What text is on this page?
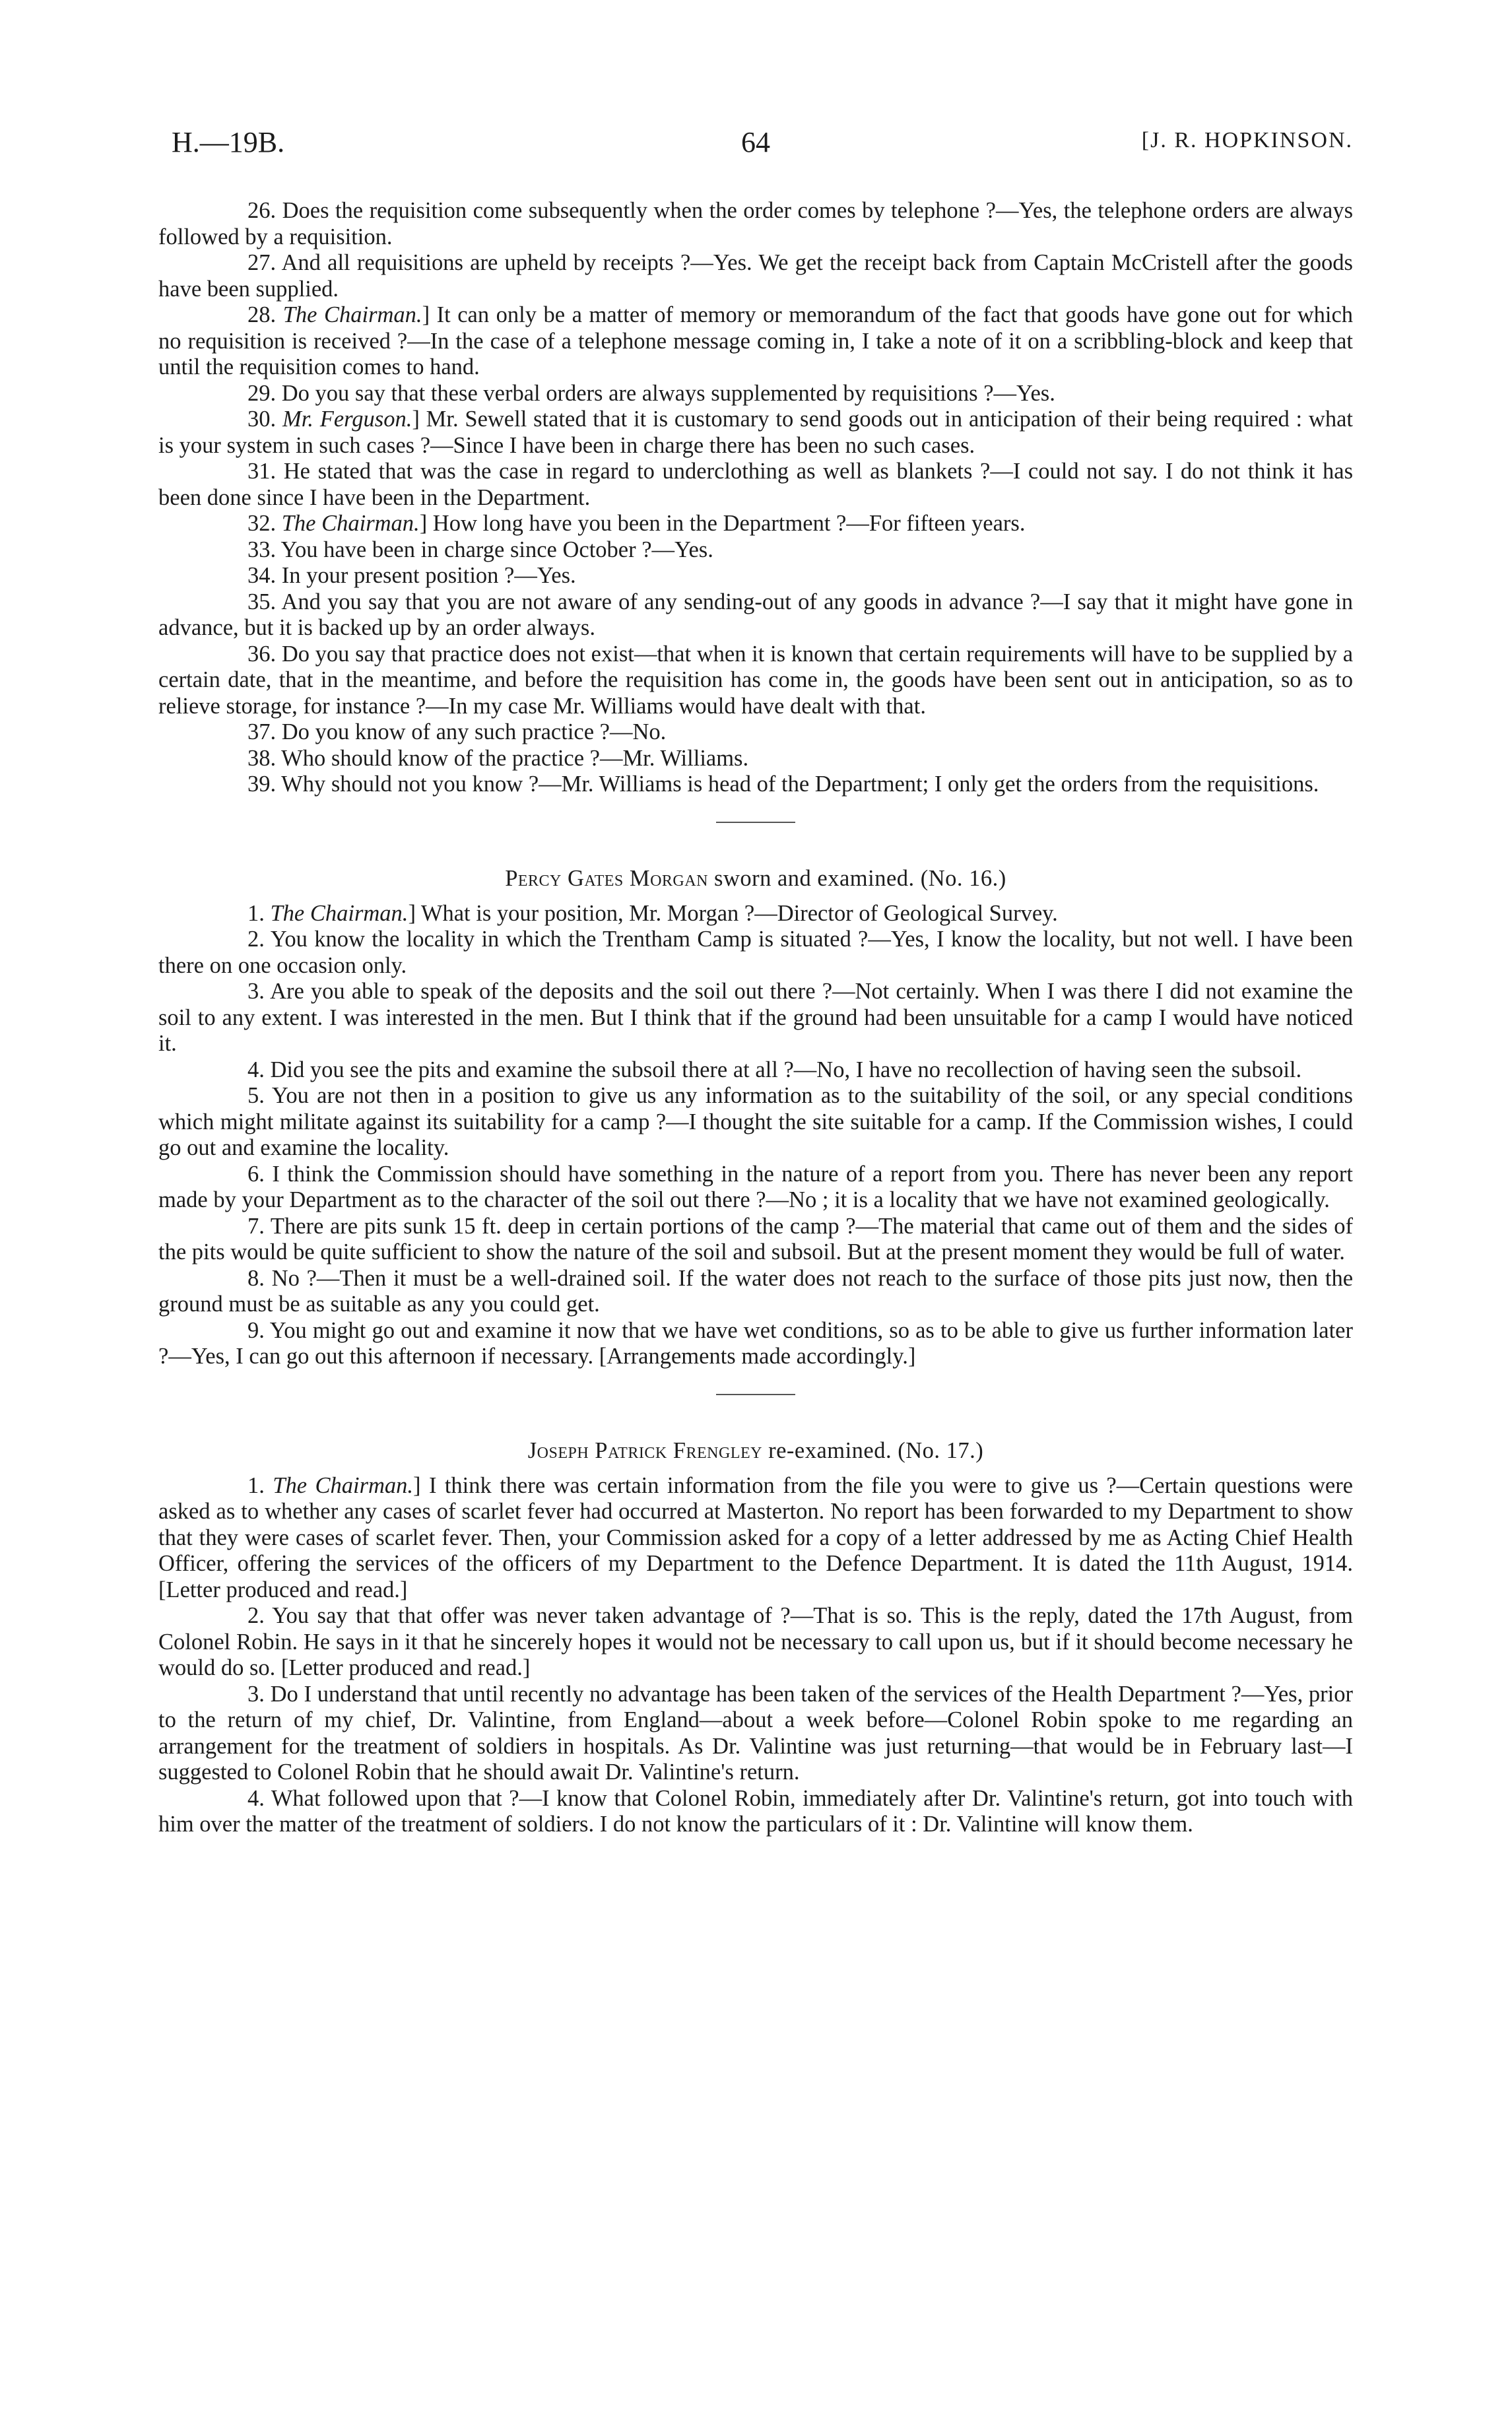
H.—19B.	64	[J. R. HOPKINSON.

26. Does the requisition come subsequently when the order comes by telephone ?—Yes, the telephone orders are always followed by a requisition.

27. And all requisitions are upheld by receipts ?—Yes. We get the receipt back from Captain McCristell after the goods have been supplied.

28. The Chairman.] It can only be a matter of memory or memorandum of the fact that goods have gone out for which no requisition is received ?—In the case of a telephone message coming in, I take a note of it on a scribbling-block and keep that until the requisition comes to hand.

29. Do you say that these verbal orders are always supplemented by requisitions ?—Yes.

30. Mr. Ferguson.] Mr. Sewell stated that it is customary to send goods out in anticipation of their being required : what is your system in such cases ?—Since I have been in charge there has been no such cases.

31. He stated that was the case in regard to underclothing as well as blankets ?—I could not say. I do not think it has been done since I have been in the Department.

32. The Chairman.] How long have you been in the Department ?—For fifteen years.

33. You have been in charge since October ?—Yes.

34. In your present position ?—Yes.

35. And you say that you are not aware of any sending-out of any goods in advance ?—I say that it might have gone in advance, but it is backed up by an order always.

36. Do you say that practice does not exist—that when it is known that certain requirements will have to be supplied by a certain date, that in the meantime, and before the requisition has come in, the goods have been sent out in anticipation, so as to relieve storage, for instance ?—In my case Mr. Williams would have dealt with that.

37. Do you know of any such practice ?—No.

38. Who should know of the practice ?—Mr. Williams.

39. Why should not you know ?—Mr. Williams is head of the Department; I only get the orders from the requisitions.

Percy Gates Morgan sworn and examined. (No. 16.)

1. The Chairman.] What is your position, Mr. Morgan ?—Director of Geological Survey.

2. You know the locality in which the Trentham Camp is situated ?—Yes, I know the locality, but not well. I have been there on one occasion only.

3. Are you able to speak of the deposits and the soil out there ?—Not certainly. When I was there I did not examine the soil to any extent. I was interested in the men. But I think that if the ground had been unsuitable for a camp I would have noticed it.

4. Did you see the pits and examine the subsoil there at all ?—No, I have no recollection of having seen the subsoil.

5. You are not then in a position to give us any information as to the suitability of the soil, or any special conditions which might militate against its suitability for a camp ?—I thought the site suitable for a camp. If the Commission wishes, I could go out and examine the locality.

6. I think the Commission should have something in the nature of a report from you. There has never been any report made by your Department as to the character of the soil out there ?—No ; it is a locality that we have not examined geologically.

7. There are pits sunk 15 ft. deep in certain portions of the camp ?—The material that came out of them and the sides of the pits would be quite sufficient to show the nature of the soil and subsoil. But at the present moment they would be full of water.

8. No ?—Then it must be a well-drained soil. If the water does not reach to the surface of those pits just now, then the ground must be as suitable as any you could get.

9. You might go out and examine it now that we have wet conditions, so as to be able to give us further information later ?—Yes, I can go out this afternoon if necessary. [Arrangements made accordingly.]

Joseph Patrick Frengley re-examined. (No. 17.)

1. The Chairman.] I think there was certain information from the file you were to give us ?—Certain questions were asked as to whether any cases of scarlet fever had occurred at Masterton. No report has been forwarded to my Department to show that they were cases of scarlet fever. Then, your Commission asked for a copy of a letter addressed by me as Acting Chief Health Officer, offering the services of the officers of my Department to the Defence Department. It is dated the 11th August, 1914. [Letter produced and read.]

2. You say that that offer was never taken advantage of ?—That is so. This is the reply, dated the 17th August, from Colonel Robin. He says in it that he sincerely hopes it would not be necessary to call upon us, but if it should become necessary he would do so. [Letter produced and read.]

3. Do I understand that until recently no advantage has been taken of the services of the Health Department ?—Yes, prior to the return of my chief, Dr. Valintine, from England—about a week before—Colonel Robin spoke to me regarding an arrangement for the treatment of soldiers in hospitals. As Dr. Valintine was just returning—that would be in February last—I suggested to Colonel Robin that he should await Dr. Valintine's return.

4. What followed upon that ?—I know that Colonel Robin, immediately after Dr. Valintine's return, got into touch with him over the matter of the treatment of soldiers. I do not know the particulars of it : Dr. Valintine will know them.
